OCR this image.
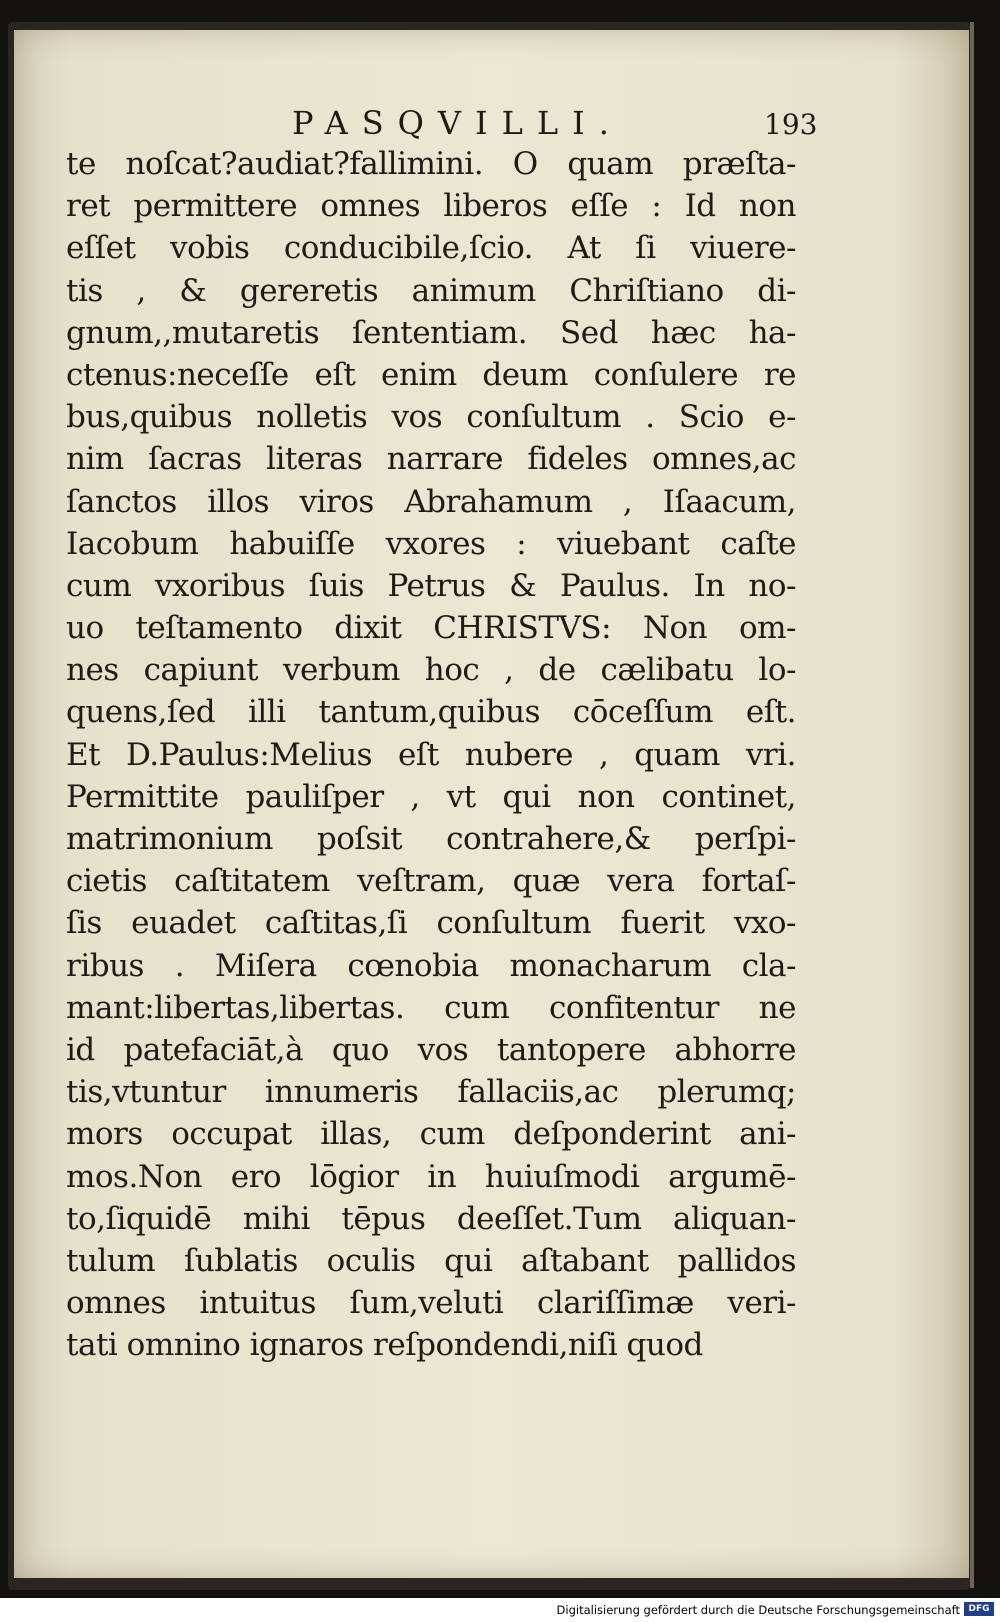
PASQVILLI.	193
te noſcat?audiat?fallimini. O quam præſta-
ret permittere omnes liberos eſſe : Id non
eſſet vobis conducibile,ſcio. At ſi viuere-
tis , & gereretis animum Chriſtiano di-
gnum,,mutaretis ſententiam. Sed hæc ha-
ctenus:neceſſe eſt enim deum conſulere re
bus,quibus nolletis vos conſultum . Scio e-
nim ſacras literas narrare fideles omnes,ac
ſanctos illos viros Abrahamum , Iſaacum,
Iacobum habuiſſe vxores : viuebant caſte
cum vxoribus ſuis Petrus & Paulus. In no-
uo teſtamento dixit CHRISTVS: Non om-
nes capiunt verbum hoc , de cælibatu lo-
quens,ſed illi tantum,quibus cōceſſum eſt.
Et D.Paulus:Melius eſt nubere , quam vri.
Permittite pauliſper , vt qui non continet,
matrimonium poſsit contrahere,& perſpi-
cietis caſtitatem veſtram, quæ vera fortaſ-
ſis euadet caſtitas,ſi conſultum fuerit vxo-
ribus . Miſera cœnobia monacharum cla-
mant:libertas,libertas. cum confitentur ne
id patefaciāt,à quo vos tantopere abhorre
tis,vtuntur innumeris fallaciis,ac plerumq;
mors occupat illas, cum deſponderint ani-
mos.Non ero lōgior in huiuſmodi argumē-
to,ſiquidē mihi tēpus deeſſet.Tum aliquan-
tulum ſublatis oculis qui aſtabant pallidos
omnes intuitus ſum,veluti clariſſimæ veri-
tati omnino ignaros reſpondendi,niſi quod
Digitalisierung gefördert durch die Deutsche Forschungsgemeinschaft DFG
